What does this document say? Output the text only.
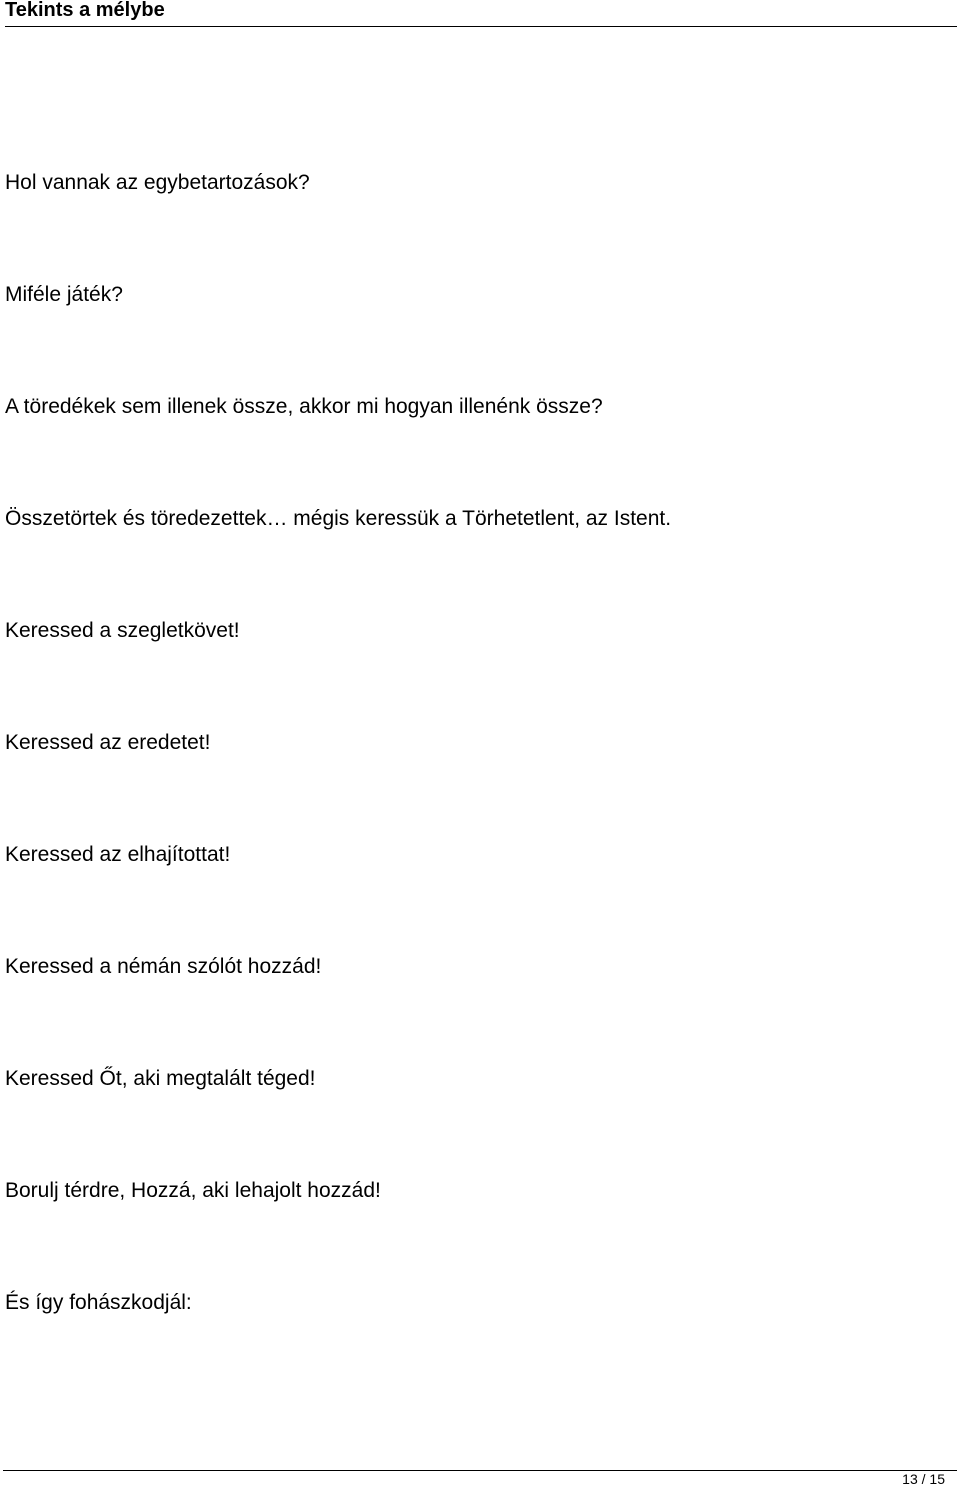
Tekints a mélybe

Hol vannak az egybetartozások?

Miféle játék?

A töredékek sem illenek össze, akkor mi hogyan illenénk össze?

Összetörtek és töredezettek… mégis keressük a Törhetetlent, az Istent.

Keressed a szegletkövet!

Keressed az eredetet!

Keressed az elhajítottat!

Keressed a némán szólót hozzád!

Keressed Őt, aki megtalált téged!

Borulj térdre, Hozzá, aki lehajolt hozzád!

És így fohászkodjál:

13 / 15
